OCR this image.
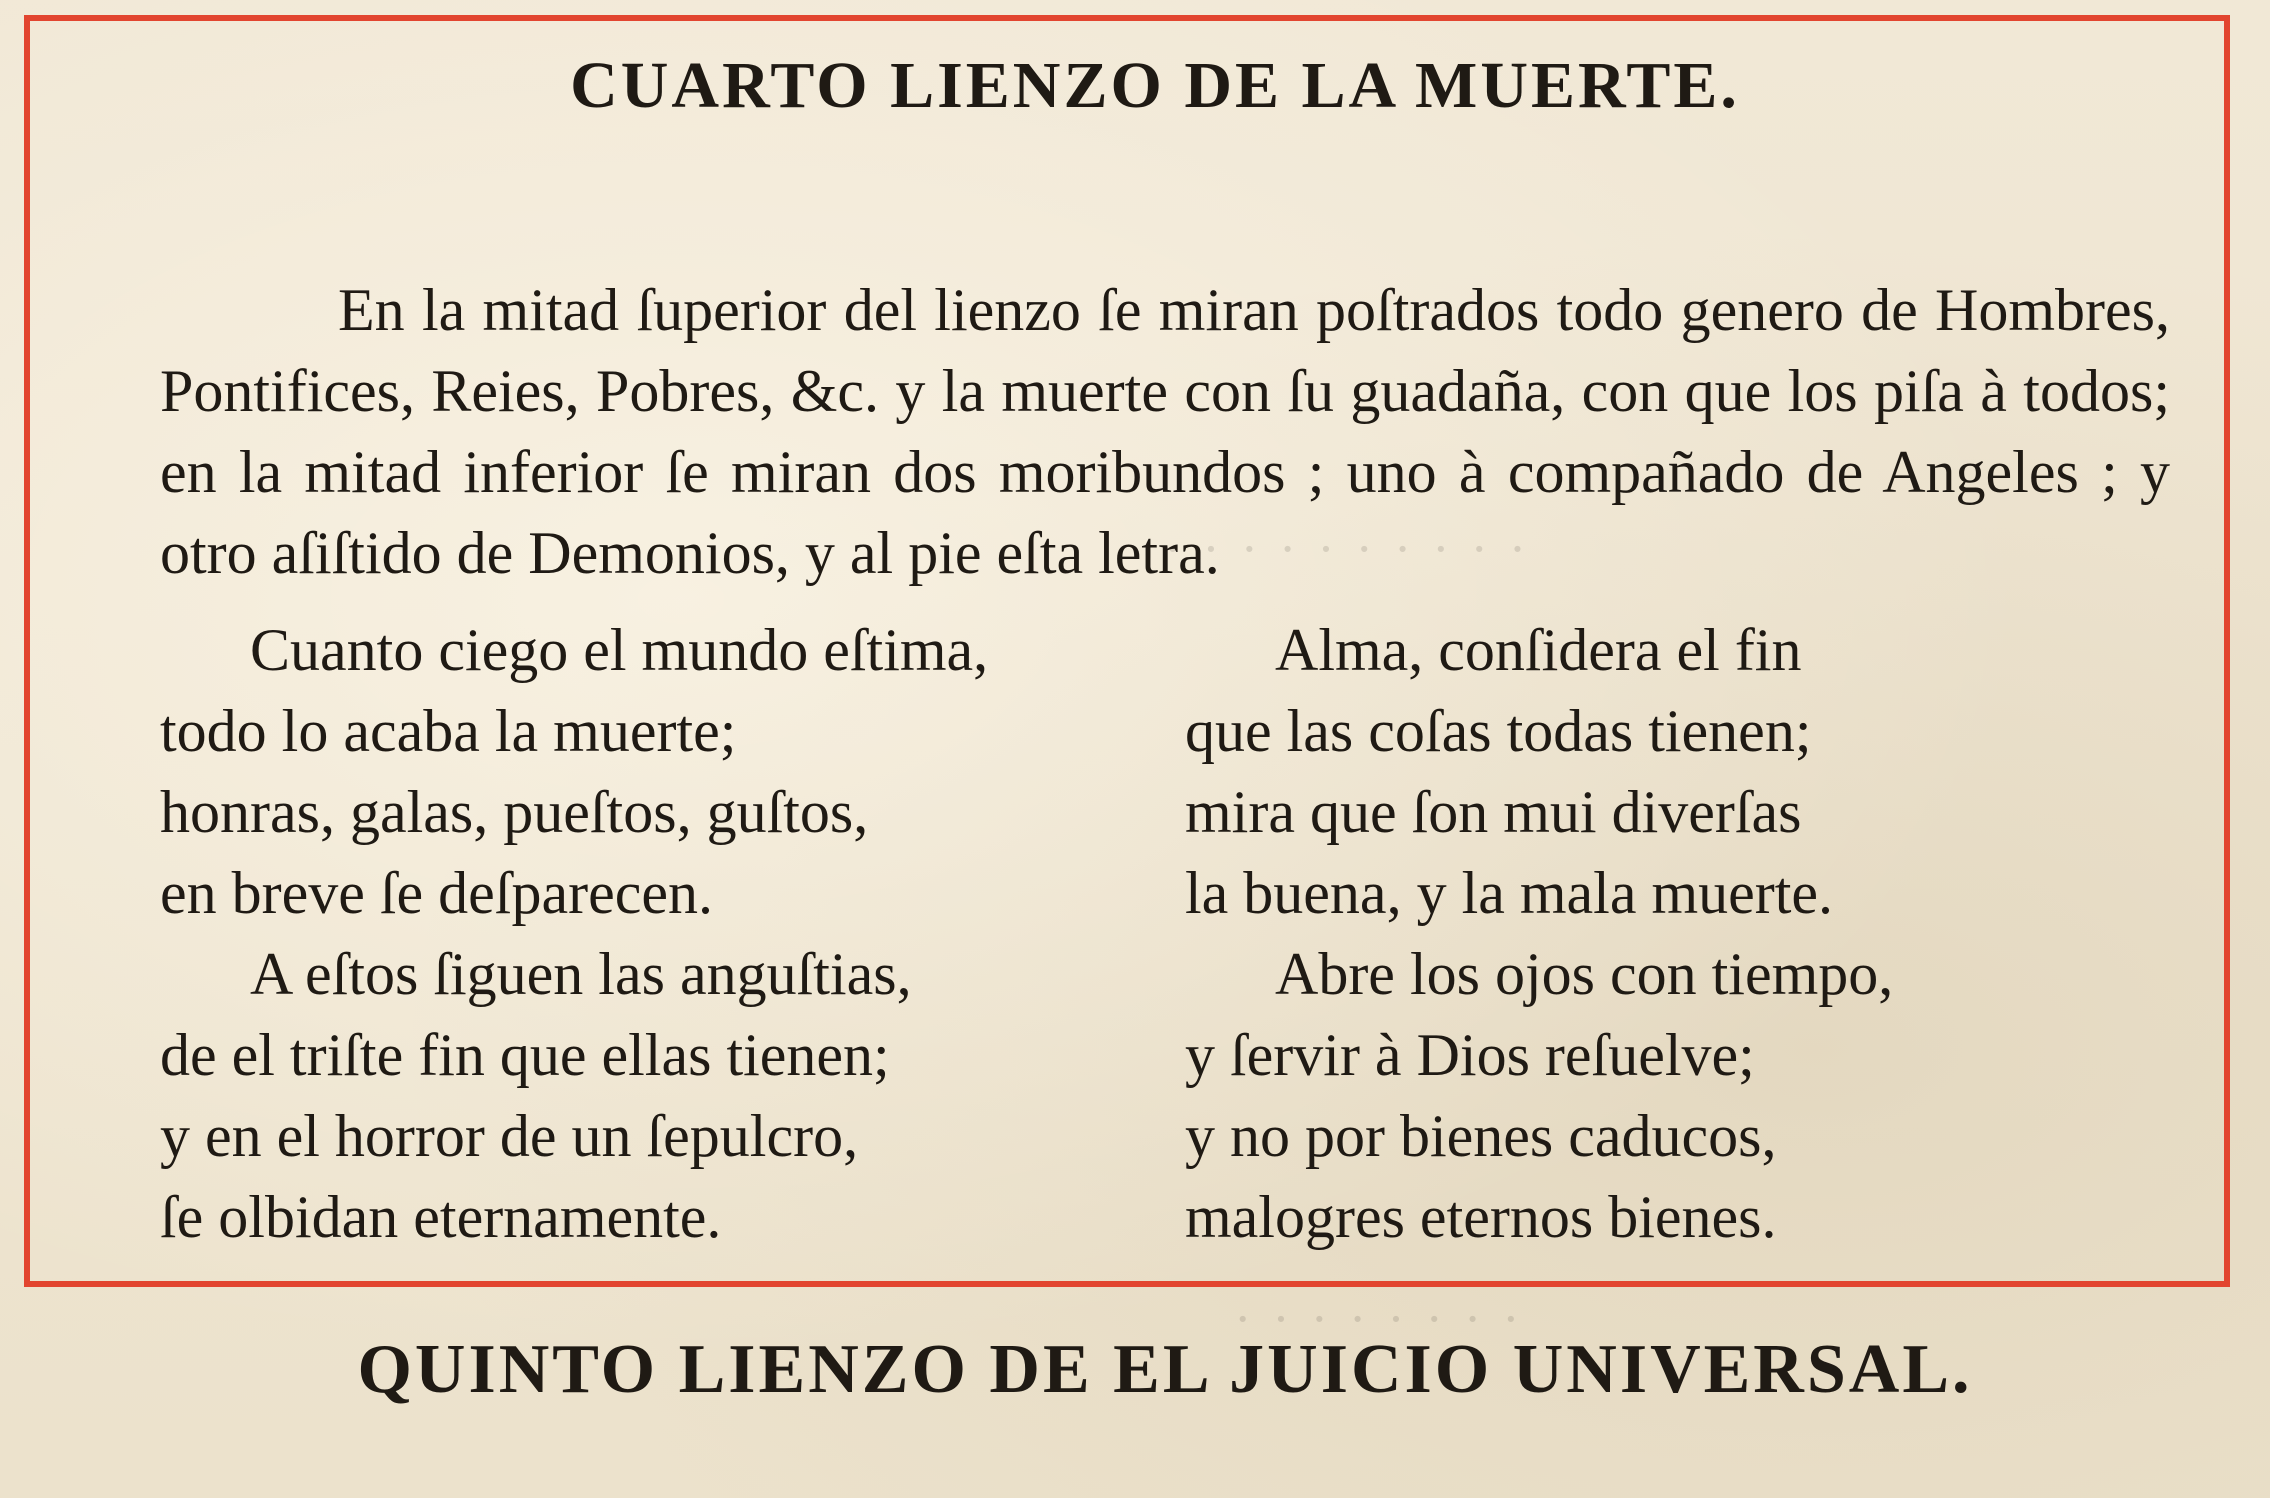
· · · · · · · · · ·
· · · · · · · ·
CUARTO LIENZO DE LA MUERTE.

En la mitad ſuperior del lienzo ſe miran poſtrados todo genero de Hombres, Pontifices, Reies, Pobres, &c. y la muerte con ſu guadaña, con que los piſa à todos; en la mitad inferior ſe miran dos moribundos ; uno à compañado de Angeles ; y otro aſiſtido de Demonios, y al pie eſta letra.

Cuanto ciego el mundo eſtima,
todo lo acaba la muerte;
honras, galas, pueſtos, guſtos,
en breve ſe deſparecen.
A eſtos ſiguen las anguſtias,
de el triſte fin que ellas tienen;
y en el horror de un ſepulcro,
ſe olbidan eternamente.
Alma, conſidera el fin
que las coſas todas tienen;
mira que ſon mui diverſas
la buena, y la mala muerte.
Abre los ojos con tiempo,
y ſervir à Dios reſuelve;
y no por bienes caducos,
malogres eternos bienes.
QUINTO LIENZO DE EL JUICIO UNIVERSAL.
